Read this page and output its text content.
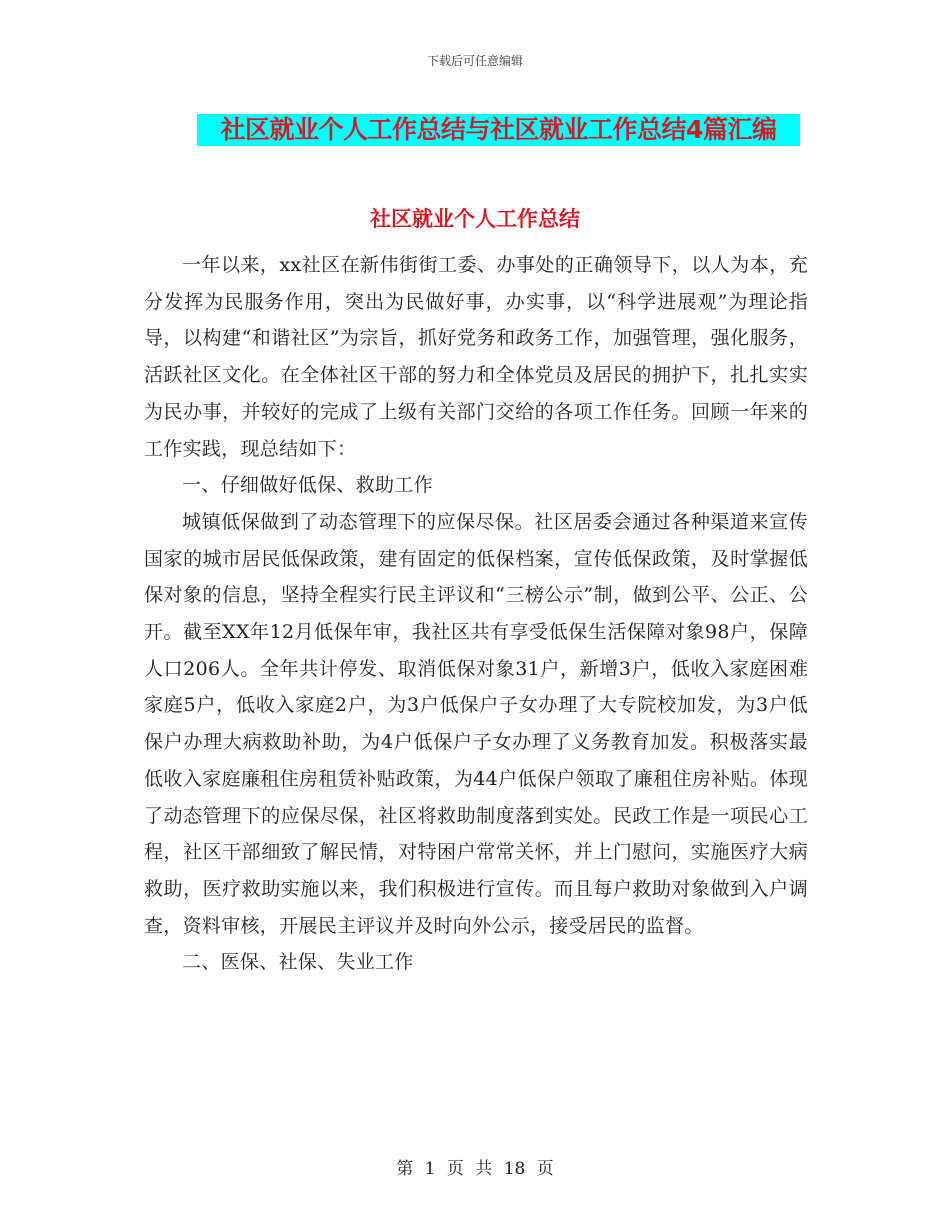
下载后可任意编辑
社区就业个人工作总结与社区就业工作总结4篇汇编
社区就业个人工作总结

一年以来，xx社区在新伟街街工委、办事处的正确领导下，以人为本，充分发挥为民服务作用，突出为民做好事，办实事，以“科学进展观”为理论指导，以构建“和谐社区”为宗旨，抓好党务和政务工作，加强管理，强化服务，活跃社区文化。在全体社区干部的努力和全体党员及居民的拥护下，扎扎实实为民办事，并较好的完成了上级有关部门交给的各项工作任务。回顾一年来的工作实践，现总结如下：

一、仔细做好低保、救助工作

城镇低保做到了动态管理下的应保尽保。社区居委会通过各种渠道来宣传国家的城市居民低保政策，建有固定的低保档案，宣传低保政策，及时掌握低保对象的信息，坚持全程实行民主评议和“三榜公示”制，做到公平、公正、公开。截至XX年12月低保年审，我社区共有享受低保生活保障对象98户，保障人口206人。全年共计停发、取消低保对象31户，新增3户，低收入家庭困难家庭5户，低收入家庭2户，为3户低保户子女办理了大专院校加发，为3户低保户办理大病救助补助，为4户低保户子女办理了义务教育加发。积极落实最低收入家庭廉租住房租赁补贴政策，为44户低保户领取了廉租住房补贴。体现了动态管理下的应保尽保，社区将救助制度落到实处。民政工作是一项民心工程，社区干部细致了解民情，对特困户常常关怀，并上门慰问，实施医疗大病救助，医疗救助实施以来，我们积极进行宣传。而且每户救助对象做到入户调查，资料审核，开展民主评议并及时向外公示，接受居民的监督。

二、医保、社保、失业工作

第 1 页 共 18 页
